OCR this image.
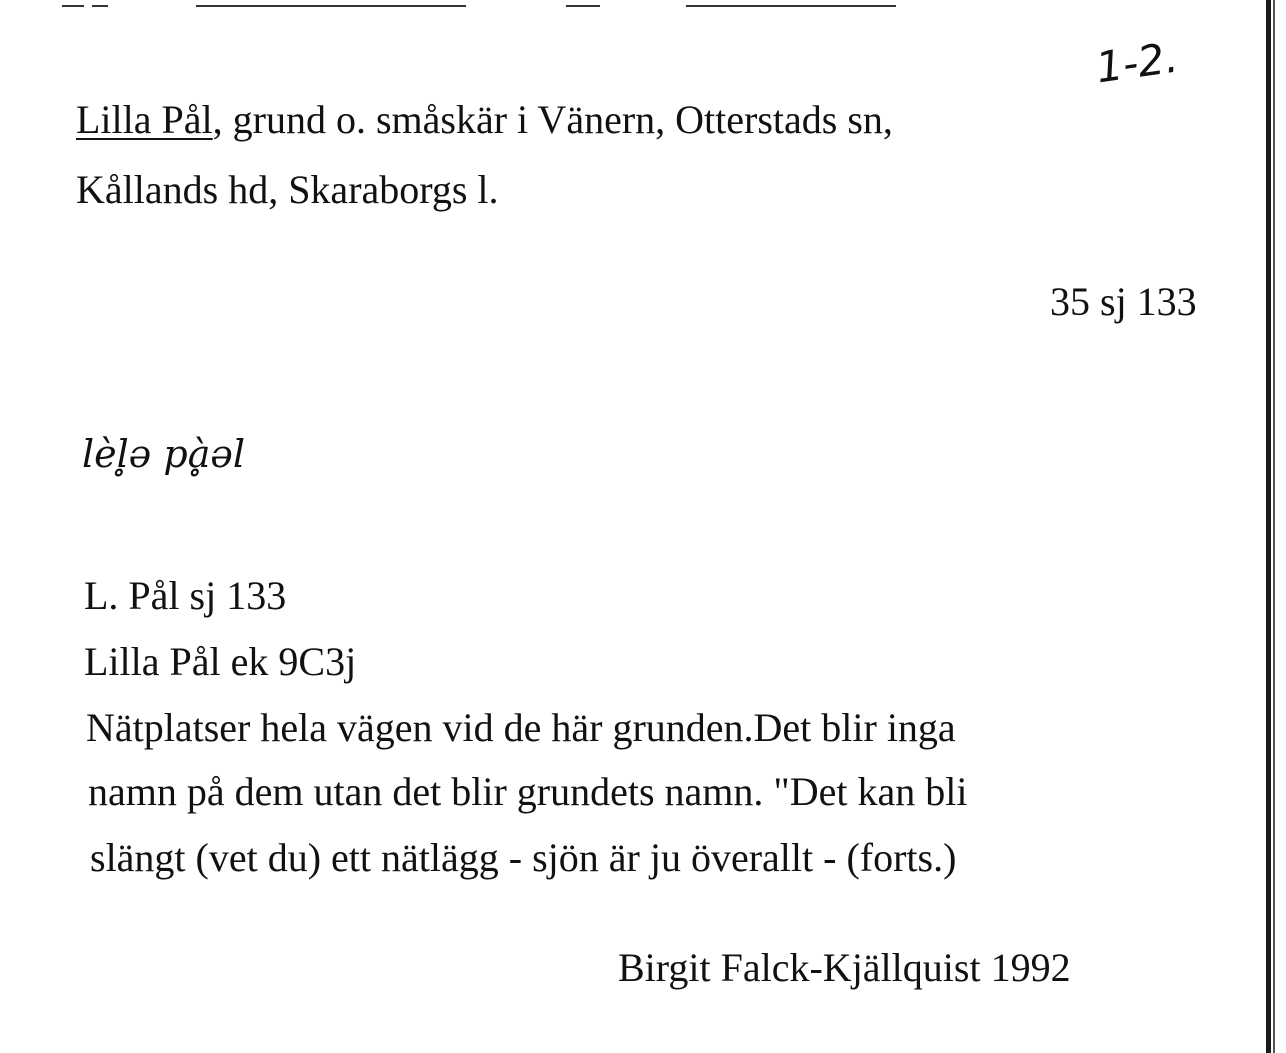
1-2.
Lilla Pål, grund o. småskär i Vänern, Otterstads sn,
Kållands hd, Skaraborgs l.
35 sj 133
lèl̥ə pḁ̀əl
L. Pål sj 133
Lilla Pål ek 9C3j
Nätplatser hela vägen vid de här grunden.Det blir inga
namn på dem utan det blir grundets namn. "Det kan bli
slängt (vet du) ett nätlägg - sjön är ju överallt - (forts.)
Birgit Falck-Kjällquist 1992
